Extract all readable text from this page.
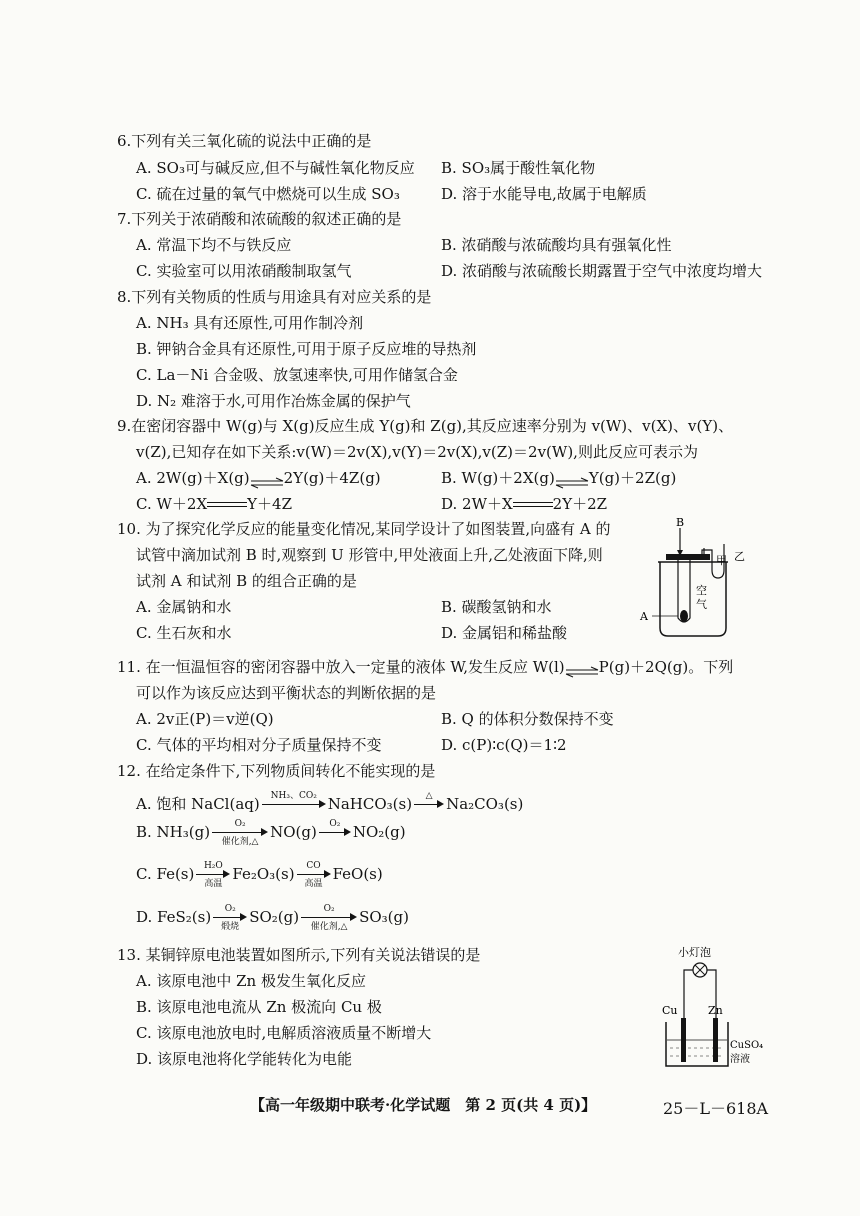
6.下列有关三氧化硫的说法中正确的是
A. SO₃可与碱反应,但不与碱性氧化物反应 B. SO₃属于酸性氧化物
C. 硫在过量的氧气中燃烧可以生成 SO₃	D. 溶于水能导电,故属于电解质
7.下列关于浓硝酸和浓硫酸的叙述正确的是
A. 常温下均不与铁反应	B. 浓硝酸与浓硫酸均具有强氧化性
C. 实验室可以用浓硝酸制取氢气	D. 浓硝酸与浓硫酸长期露置于空气中浓度均增大
8.下列有关物质的性质与用途具有对应关系的是
A. NH₃ 具有还原性,可用作制冷剂
B. 钾钠合金具有还原性,可用于原子反应堆的导热剂
C. La－Ni 合金吸、放氢速率快,可用作储氢合金
D. N₂ 难溶于水,可用作冶炼金属的保护气
9.在密闭容器中 W(g)与 X(g)反应生成 Y(g)和 Z(g),其反应速率分别为 v(W)、v(X)、v(Y)、
v(Z),已知存在如下关系:v(W)＝2v(X),v(Y)＝2v(X),v(Z)＝2v(W),则此反应可表示为
A. 2W(g)＋X(g)⇌2Y(g)＋4Z(g)	B. W(g)＋2X(g)⇌Y(g)＋2Z(g)
C. W＋2X	Y＋4Z	D. 2W＋X	2Y＋2Z
10. 为了探究化学反应的能量变化情况,某同学设计了如图装置,向盛有 A 的
试管中滴加试剂 B 时,观察到 U 形管中,甲处液面上升,乙处液面下降,则
试剂 A 和试剂 B 的组合正确的是
A. 金属钠和水	B. 碳酸氢钠和水
C. 生石灰和水	D. 金属铝和稀盐酸
B
A
甲 乙
空
气
11. 在一恒温恒容的密闭容器中放入一定量的液体 W,发生反应 W(l)⇌P(g)＋2Q(g)。下列
可以作为该反应达到平衡状态的判断依据的是
A. 2v正(P)＝v逆(Q)	B. Q 的体积分数保持不变
C. 气体的平均相对分子质量保持不变	D. c(P)∶c(Q)＝1∶2
12. 在给定条件下,下列物质间转化不能实现的是
A. 饱和 NaCl(aq)	NH₃、CO₂ NaHCO₃(s)	△ Na₂CO₃(s)
B. NH₃(g)	O₂
催化剂,△
NO(g)	O₂ NO₂(g)
C. Fe(s)	H₂O
高温
Fe₂O₃(s)	CO
高温
FeO(s)
D. FeS₂(s)	O₂
煅烧
SO₂(g)	O₂
催化剂,△
SO₃(g)
13. 某铜锌原电池装置如图所示,下列有关说法错误的是
A. 该原电池中 Zn 极发生氧化反应
B. 该原电池电流从 Zn 极流向 Cu 极
C. 该原电池放电时,电解质溶液质量不断增大
D. 该原电池将化学能转化为电能
小灯泡
Cu	Zn
CuSO₄
溶液
【高一年级期中联考·化学试题　第 2 页(共 4 页)】	25－L－618A
